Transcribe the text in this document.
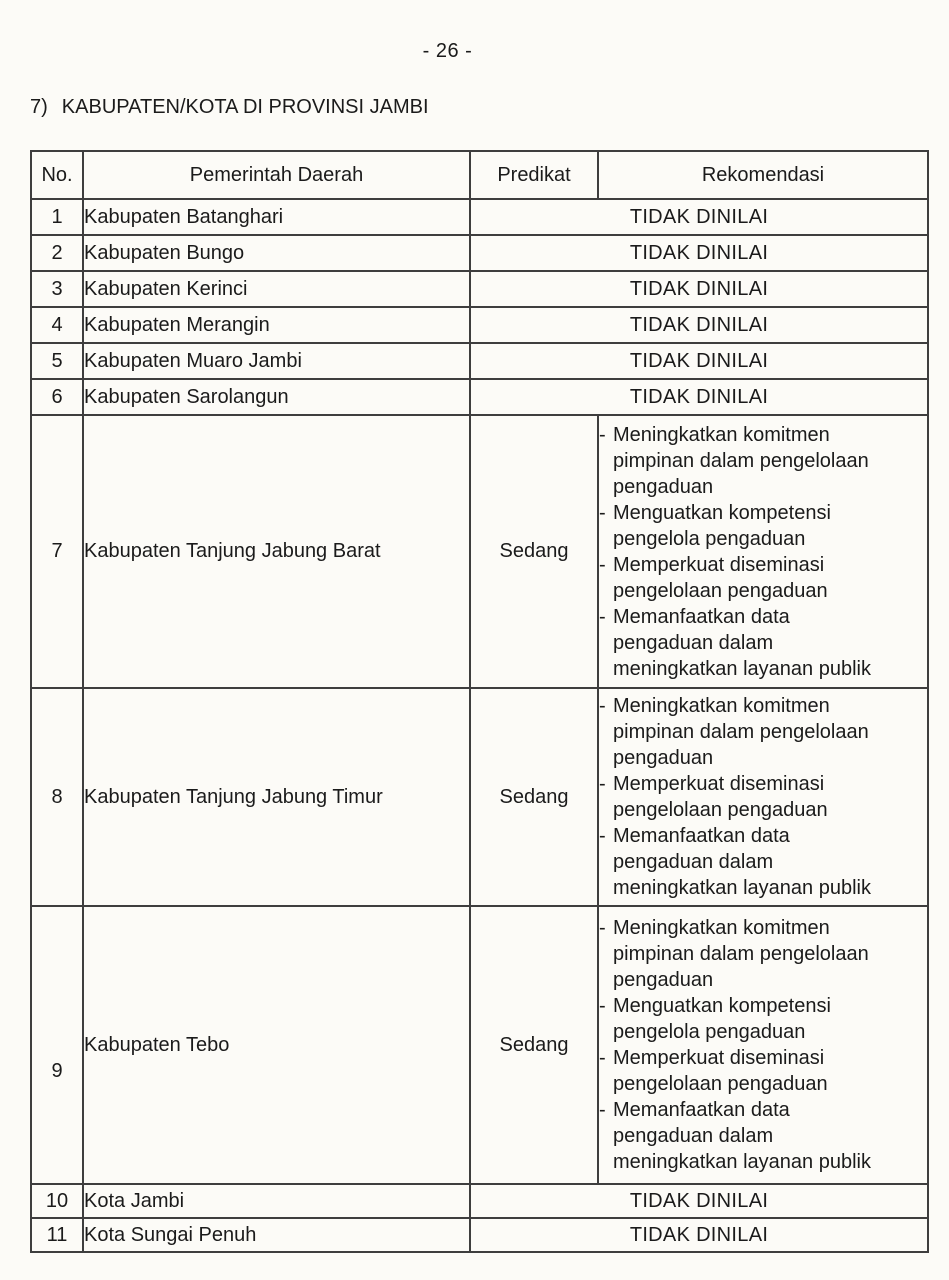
- 26 -
7) KABUPATEN/KOTA DI PROVINSI JAMBI
No.	Pemerintah Daerah	Predikat	Rekomendasi
1	Kabupaten Batanghari	TIDAK DINILAI	
2	Kabupaten Bungo	TIDAK DINILAI	
3	Kabupaten Kerinci	TIDAK DINILAI	
4	Kabupaten Merangin	TIDAK DINILAI	
5	Kabupaten Muaro Jambi	TIDAK DINILAI	
6	Kabupaten Sarolangun	TIDAK DINILAI	
7	Kabupaten Tanjung Jabung Barat	Sedang	
- Meningkatkan komitmen pimpinan dalam pengelolaan pengaduan
- Menguatkan kompetensi pengelola pengaduan
- Memperkuat diseminasi pengelolaan pengaduan
- Memanfaatkan data pengaduan dalam meningkatkan layanan publik

8	Kabupaten Tanjung Jabung Timur	Sedang	
- Meningkatkan komitmen pimpinan dalam pengelolaan pengaduan
- Memperkuat diseminasi pengelolaan pengaduan
- Memanfaatkan data pengaduan dalam meningkatkan layanan publik

9	Kabupaten Tebo	Sedang	
- Meningkatkan komitmen pimpinan dalam pengelolaan pengaduan
- Menguatkan kompetensi pengelola pengaduan
- Memperkuat diseminasi pengelolaan pengaduan
- Memanfaatkan data pengaduan dalam meningkatkan layanan publik

10	Kota Jambi	TIDAK DINILAI	
11	Kota Sungai Penuh	TIDAK DINILAI	
